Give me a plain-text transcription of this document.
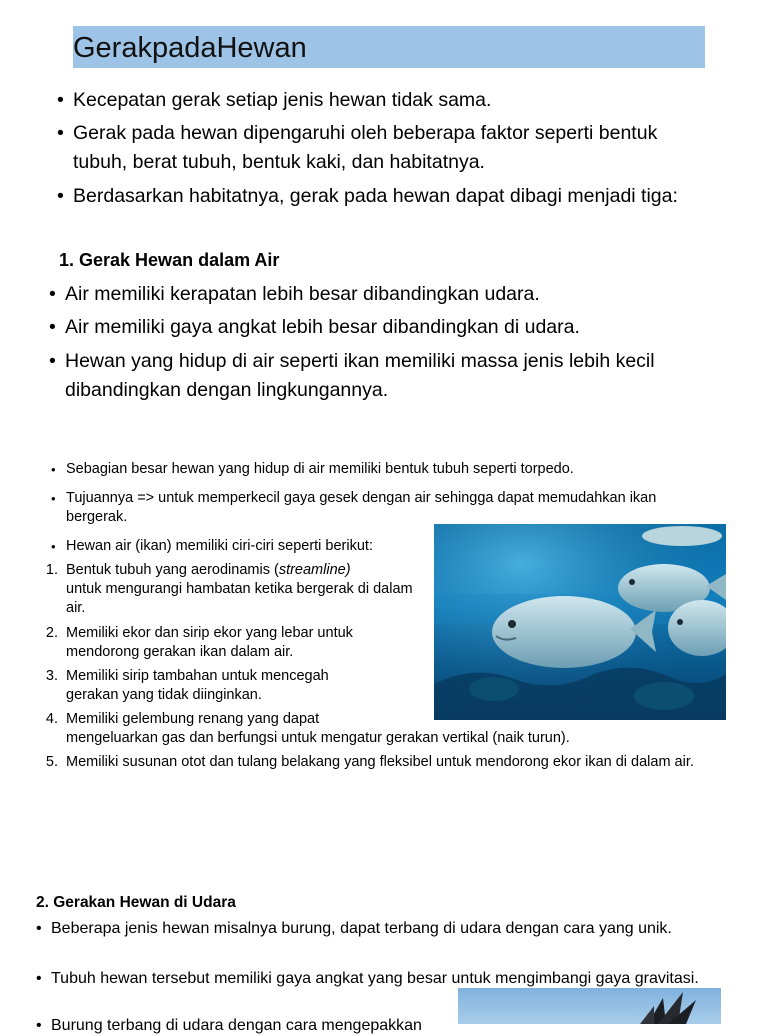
GerakpadaHewan
• Kecepatan gerak setiap jenis hewan tidak sama.
• Gerak pada hewan dipengaruhi oleh beberapa faktor seperti bentuk tubuh, berat tubuh, bentuk kaki, dan habitatnya.
• Berdasarkan habitatnya, gerak pada hewan dapat dibagi menjadi tiga:
1. Gerak Hewan dalam Air
• Air memiliki kerapatan lebih besar dibandingkan udara.
• Air memiliki gaya angkat lebih besar dibandingkan di udara.
• Hewan yang hidup di air seperti ikan memiliki massa jenis lebih kecil dibandingkan dengan lingkungannya.
• Sebagian besar hewan yang hidup di air memiliki bentuk tubuh seperti torpedo.
• Tujuannya => untuk memperkecil gaya gesek dengan air sehingga dapat memudahkan ikan bergerak.
• Hewan air (ikan) memiliki ciri-ciri seperti berikut:
1. Bentuk tubuh yang aerodinamis (streamline)
untuk mengurangi hambatan ketika bergerak di dalam air.
2. Memiliki ekor dan sirip ekor yang lebar untuk mendorong gerakan ikan dalam air.
3. Memiliki sirip tambahan untuk mencegah gerakan yang tidak diinginkan.
4. Memiliki gelembung renang yang dapat
mengeluarkan gas dan berfungsi untuk mengatur gerakan vertikal (naik turun).
5. Memiliki susunan otot dan tulang belakang yang fleksibel untuk mendorong ekor ikan di dalam air.
2. Gerakan Hewan di Udara
• Beberapa jenis hewan misalnya burung, dapat terbang di udara dengan cara yang unik.
• Tubuh hewan tersebut memiliki gaya angkat yang besar untuk mengimbangi gaya gravitasi.
• Burung terbang di udara dengan cara mengepakkan
